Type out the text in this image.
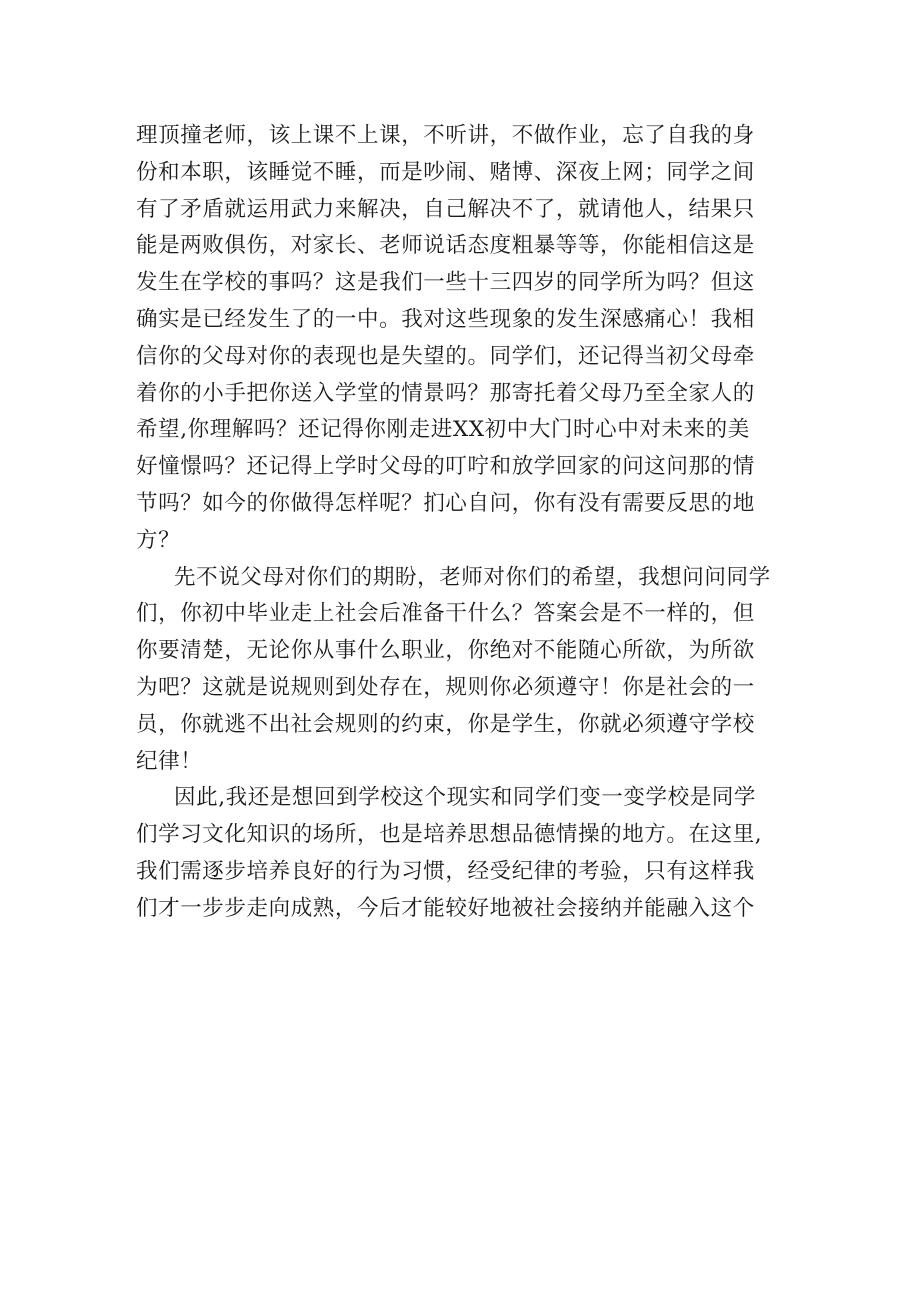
理顶撞老师，该上课不上课，不听讲，不做作业，忘了自我的身
份和本职，该睡觉不睡，而是吵闹、赌博、深夜上网；同学之间
有了矛盾就运用武力来解决，自己解决不了，就请他人，结果只
能是两败俱伤，对家长、老师说话态度粗暴等等，你能相信这是
发生在学校的事吗？这是我们一些十三四岁的同学所为吗？但这
确实是已经发生了的一中。我对这些现象的发生深感痛心！我相
信你的父母对你的表现也是失望的。同学们，还记得当初父母牵
着你的小手把你送入学堂的情景吗？那寄托着父母乃至全家人的
希望,你理解吗？还记得你刚走进XX初中大门时心中对未来的美
好憧憬吗？还记得上学时父母的叮咛和放学回家的问这问那的情
节吗？如今的你做得怎样呢？扪心自问，你有没有需要反思的地
方？
先不说父母对你们的期盼，老师对你们的希望，我想问问同学
们，你初中毕业走上社会后准备干什么？答案会是不一样的，但
你要清楚，无论你从事什么职业，你绝对不能随心所欲，为所欲
为吧？这就是说规则到处存在，规则你必须遵守！你是社会的一
员，你就逃不出社会规则的约束，你是学生，你就必须遵守学校
纪律！
因此,我还是想回到学校这个现实和同学们变一变学校是同学
们学习文化知识的场所，也是培养思想品德情操的地方。在这里,
我们需逐步培养良好的行为习惯，经受纪律的考验，只有这样我
们才一步步走向成熟，今后才能较好地被社会接纳并能融入这个
